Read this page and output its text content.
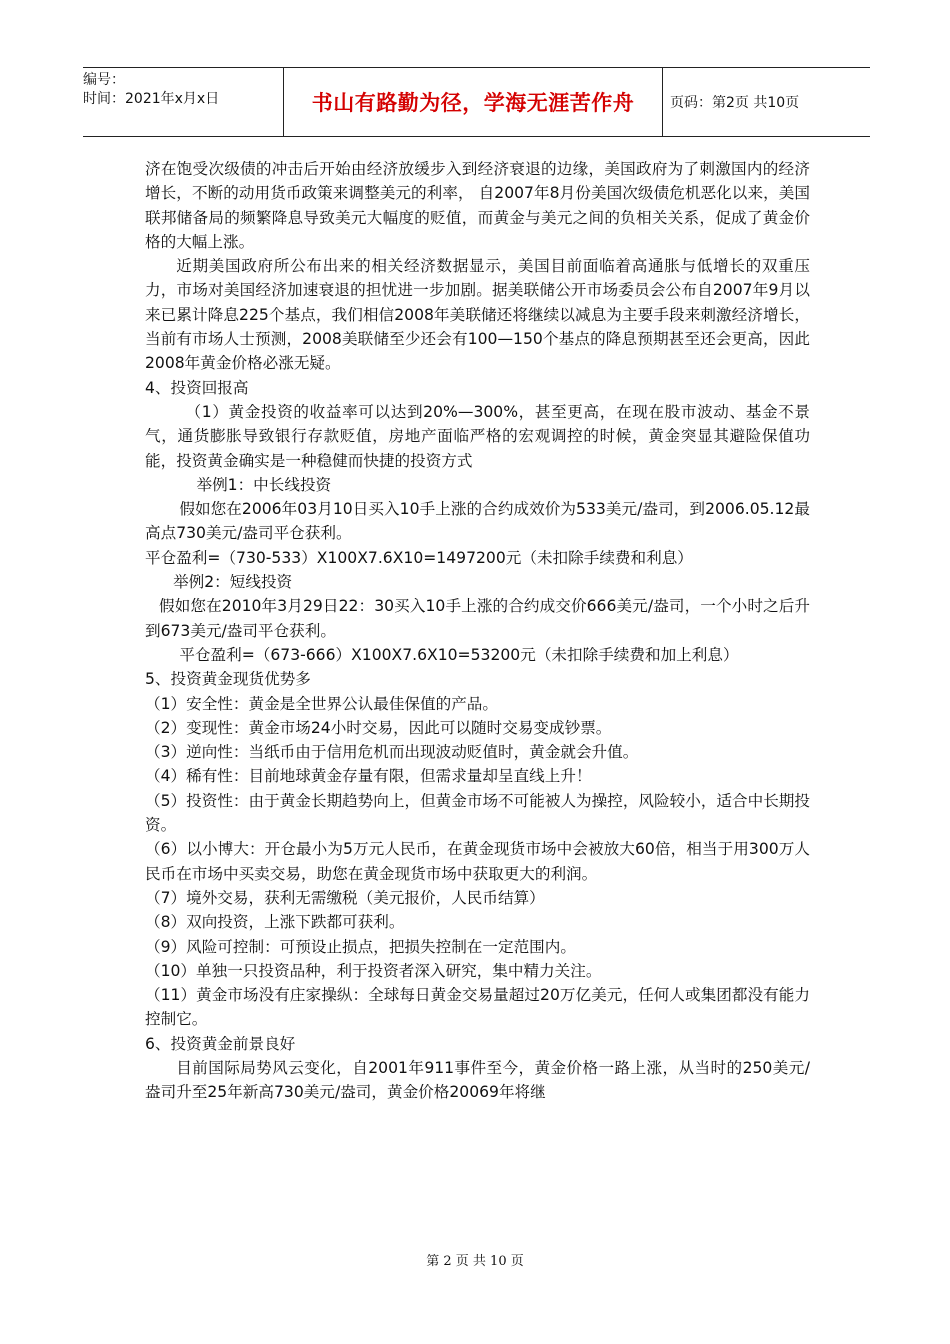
编号：
时间：2021年x月x日	书山有路勤为径，学海无涯苦作舟	页码：第2页 共10页

济在饱受次级债的冲击后开始由经济放缓步入到经济衰退的边缘，美国政府为了刺激国内的经济增长，不断的动用货币政策来调整美元的利率， 自2007年8月份美国次级债危机恶化以来，美国联邦储备局的频繁降息导致美元大幅度的贬值，而黄金与美元之间的负相关关系，促成了黄金价格的大幅上涨。

近期美国政府所公布出来的相关经济数据显示，美国目前面临着高通胀与低增长的双重压力，市场对美国经济加速衰退的担忧进一步加剧。据美联储公开市场委员会公布自2007年9月以来已累计降息225个基点，我们相信2008年美联储还将继续以减息为主要手段来刺激经济增长，当前有市场人士预测，2008美联储至少还会有100—150个基点的降息预期甚至还会更高，因此2008年黄金价格必涨无疑。

4、投资回报高

（1）黄金投资的收益率可以达到20%—300%，甚至更高，在现在股市波动、基金不景气，通货膨胀导致银行存款贬值，房地产面临严格的宏观调控的时候，黄金突显其避险保值功能，投资黄金确实是一种稳健而快捷的投资方式

举例1：中长线投资

假如您在2006年03月10日买入10手上涨的合约成效价为533美元/盎司，到2006.05.12最高点730美元/盎司平仓获利。

平仓盈利=（730-533）X100X7.6X10=1497200元（未扣除手续费和利息）

举例2：短线投资

假如您在2010年3月29日22：30买入10手上涨的合约成交价666美元/盎司，一个小时之后升到673美元/盎司平仓获利。

平仓盈利=（673-666）X100X7.6X10=53200元（未扣除手续费和加上利息）

5、投资黄金现货优势多

（1）安全性：黄金是全世界公认最佳保值的产品。

（2）变现性：黄金市场24小时交易，因此可以随时交易变成钞票。

（3）逆向性：当纸币由于信用危机而出现波动贬值时，黄金就会升值。

（4）稀有性：目前地球黄金存量有限，但需求量却呈直线上升！

（5）投资性：由于黄金长期趋势向上，但黄金市场不可能被人为操控，风险较小，适合中长期投资。

（6）以小博大：开仓最小为5万元人民币，在黄金现货市场中会被放大60倍，相当于用300万人民币在市场中买卖交易，助您在黄金现货市场中获取更大的利润。

（7）境外交易，获利无需缴税（美元报价，人民币结算）

（8）双向投资，上涨下跌都可获利。

（9）风险可控制：可预设止损点，把损失控制在一定范围内。

（10）单独一只投资品种，利于投资者深入研究，集中精力关注。

（11）黄金市场没有庄家操纵：全球每日黄金交易量超过20万亿美元，任何人或集团都没有能力控制它。

6、投资黄金前景良好

目前国际局势风云变化，自2001年911事件至今，黄金价格一路上涨，从当时的250美元/盎司升至25年新高730美元/盎司，黄金价格20069年将继

第 2 页 共 10 页
